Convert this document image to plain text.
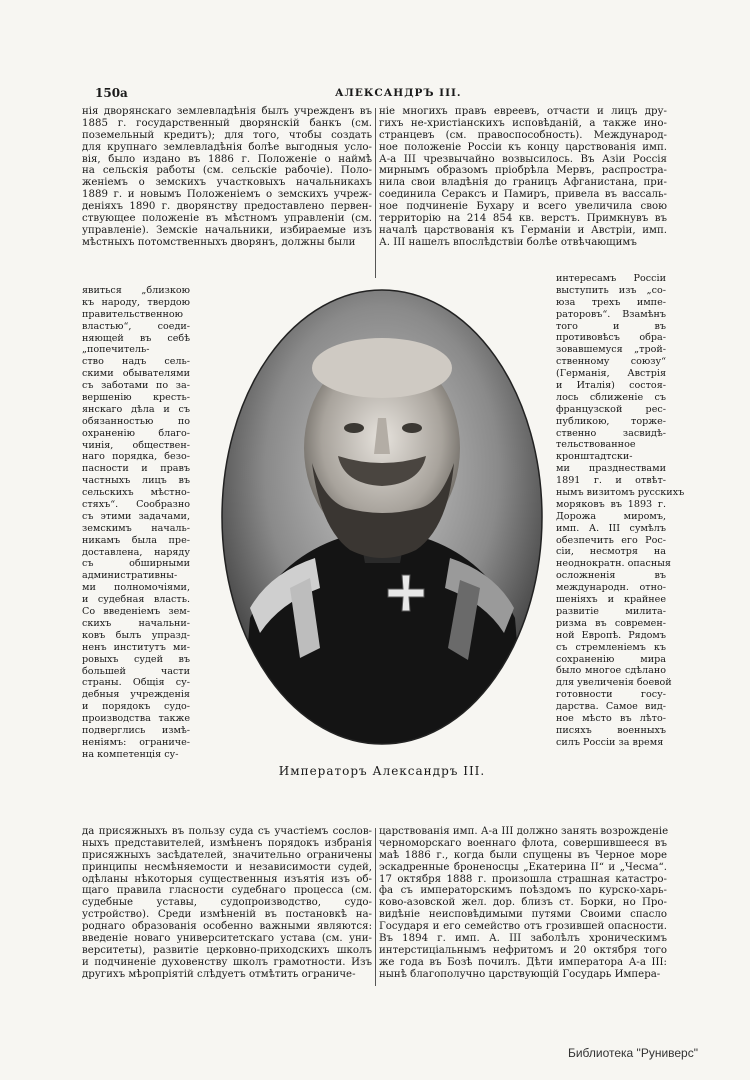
150a	АЛЕКСАНДРЪ III.
нія дворянскаго землевладѣнія былъ учрежденъ въ
1885 г. государственный дворянскій банкъ (см.
поземельный кредитъ); для того, чтобы создать
для крупнаго землевладѣнія болѣе выгодныя усло-
вія, было издано въ 1886 г. Положеніе о наймѣ
на сельскія работы (см. сельскіе рабочіе). Поло-
женіемъ о земскихъ участковыхъ начальникахъ
1889 г. и новымъ Положеніемъ о земскихъ учреж-
деніяхъ 1890 г. дворянству предоставлено первен-
ствующее положеніе въ мѣстномъ управленіи (см.
управленіе). Земскіе начальники, избираемые изъ
мѣстныхъ потомственныхъ дворянъ, должны были
ніе многихъ правъ евреевъ, отчасти и лицъ дру-
гихъ не-христіанскихъ исповѣданій, а также ино-
странцевъ (см. правоспособность). Международ-
ное положеніе Россіи къ концу царствованія имп.
А-а III чрезвычайно возвысилось. Въ Азіи Россія
мирнымъ образомъ пріобрѣла Мервъ, распростра-
нила свои владѣнія до границъ Афганистана, при-
соединила Сераксъ и Памиръ, привела въ вассаль-
ное подчиненіе Бухару и всего увеличила свою
территорію на 214 854 кв. верстъ. Примкнувъ въ
началѣ царствованія къ Германіи и Австріи, имп.
А. III нашелъ впослѣдствіи болѣе отвѣчающимъ
явиться „близкою
къ народу, твердою
правительственною
властью“, соеди-
няющей въ себѣ
„попечитель-
ство надъ сель-
скими обывателями
съ заботами по за-
вершенію кресть-
янскаго дѣла и съ
обязанностью по
охраненію благо-
чинія, обществен-
наго порядка, безо-
пасности и правъ
частныхъ лицъ въ
сельскихъ мѣстно-
стяхъ“. Сообразно
съ этими задачами,
земскимъ началь-
никамъ была пре-
доставлена, наряду
съ обширными
административны-
ми полномочіями,
и судебная власть.
Со введеніемъ зем-
скихъ начальни-
ковъ былъ упразд-
ненъ институтъ ми-
ровыхъ судей въ
большей части
страны. Общія су-
дебныя учрежденія
и порядокъ судо-
производства также
подверглись измѣ-
неніямъ: ограниче-
на компетенція су-
интересамъ Россіи
выступить изъ „со-
юза трехъ импе-
раторовъ“. Взамѣнъ
того и въ
противовѣсъ обра-
зовавшемуся „трой-
ственному союзу“
(Германія, Австрія
и Италія) состоя-
лось сближеніе съ
французской рес-
публикою, торже-
ственно засвидѣ-
тельствованное
кронштадтски-
ми празднествами
1891 г. и отвѣт-
нымъ визитомъ русскихъ
моряковъ въ 1893 г.
Дорожа миромъ,
имп. А. III сумѣлъ
обезпечить его Рос-
сіи, несмотря на
неоднократн. опасныя
осложненія въ
международн. отно-
шеніяхъ и крайнее
развитіе милита-
ризма въ современ-
ной Европѣ. Рядомъ
съ стремленіемъ къ
сохраненію мира
было многое сдѣлано
для увеличенія боевой
готовности госу-
дарства. Самое вид-
ное мѣсто въ лѣто-
писяхъ военныхъ
силъ Россіи за время
Императоръ Александръ III.
да присяжныхъ въ пользу суда съ участіемъ сослов-
ныхъ представителей, измѣненъ порядокъ избранія
присяжныхъ засѣдателей, значительно ограничены
принципы несмѣняемости и независимости судей,
одѣланы нѣкоторыя существенныя изъятія изъ об-
щаго правила гласности судебнаго процесса (см.
судебные уставы, судопроизводство, судо-
устройство). Среди измѣненій въ постановкѣ на-
роднаго образованія особенно важными являются:
введеніе новаго университетскаго устава (см. уни-
верситеты), развитіе церковно-приходскихъ школъ
и подчиненіе духовенству школъ грамотности. Изъ
другихъ мѣропріятій слѣдуетъ отмѣтить ограниче-
царствованія имп. А-а III должно занять возрожденіе
черноморскаго военнаго флота, совершившееся въ
маѣ 1886 г., когда были спущены въ Черное море
эскадренные броненосцы „Екатерина II“ и „Чесма“.
17 октября 1888 г. произошла страшная катастро-
фа съ императорскимъ поѣздомъ по курско-харь-
ково-азовской жел. дор. близъ ст. Борки, но Про-
видѣніе неисповѣдимыми путями Своими спасло
Государя и его семейство отъ грозившей опасности.
Въ 1894 г. имп. А. III заболѣлъ хроническимъ
интерстиціальнымъ нефритомъ и 20 октября того
же года въ Бозѣ почилъ. Дѣти императора А-а III:
нынѣ благополучно царствующій Государь Импера-
Библиотека "Руниверс"
